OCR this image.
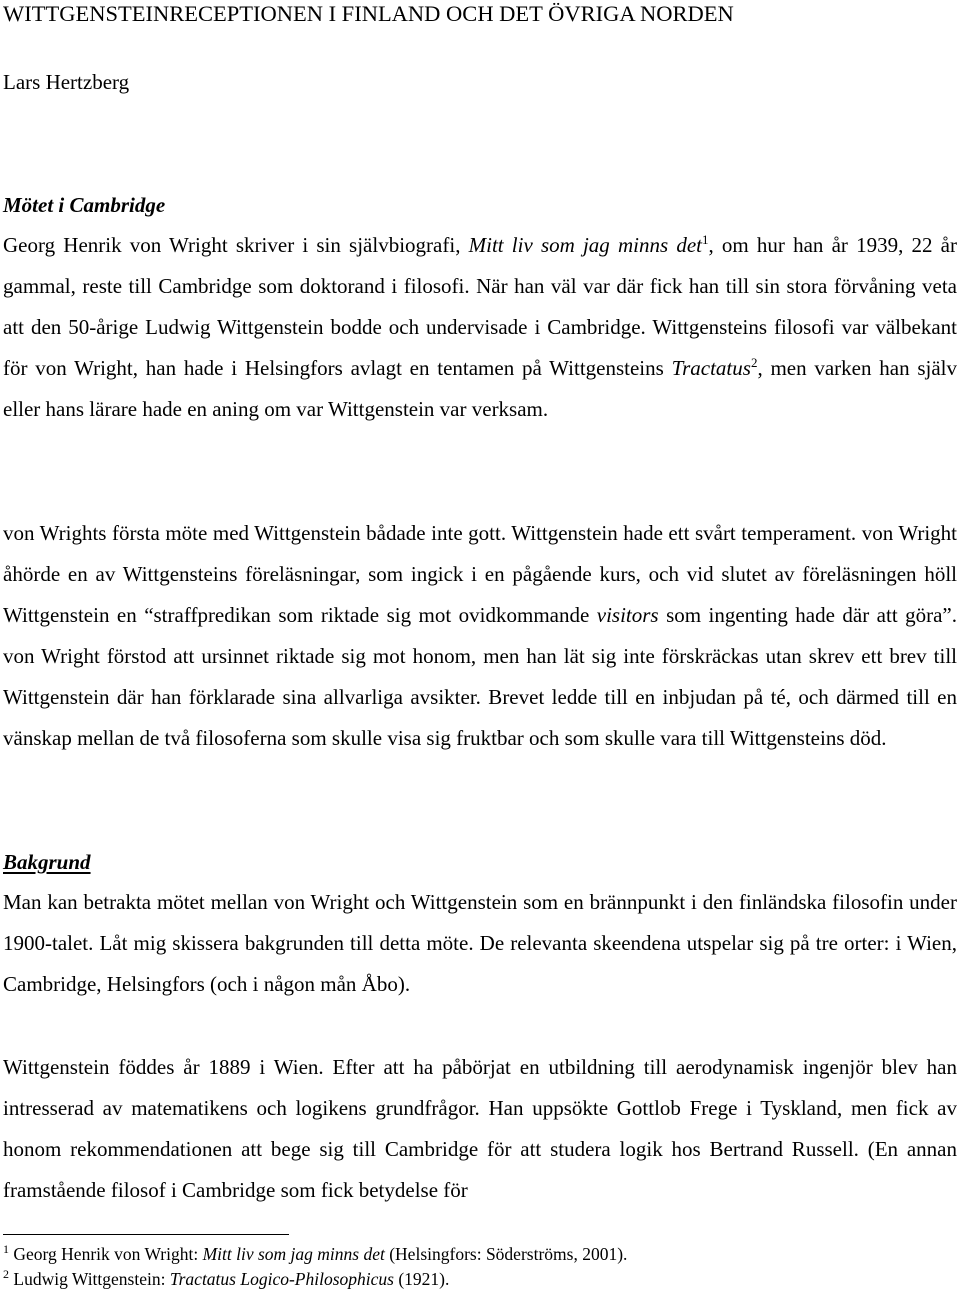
WITTGENSTEINRECEPTIONEN I FINLAND OCH DET ÖVRIGA NORDEN
Lars Hertzberg
Mötet i Cambridge

Georg Henrik von Wright skriver i sin självbiografi, Mitt liv som jag minns $\det^1$, om hur han år 1939, 22 år gammal, reste till Cambridge som doktorand i filosofi. När han väl var där fick han till sin stora förvåning veta att den 50-årige Ludwig Wittgenstein bodde och undervisade i Cambridge. Wittgensteins filosofi var välbekant för von Wright, han hade i Helsingfors avlagt en tentamen på Wittgensteins Tractatus$^2$, men varken han själv eller hans lärare hade en aning om var Wittgenstein var verksam.

von Wrights första möte med Wittgenstein bådade inte gott. Wittgenstein hade ett svårt temperament. von Wright åhörde en av Wittgensteins föreläsningar, som ingick i en pågående kurs, och vid slutet av föreläsningen höll Wittgenstein en “straffpredikan som riktade sig mot ovidkommande visitors som ingenting hade där att göra”. von Wright förstod att ursinnet riktade sig mot honom, men han lät sig inte förskräckas utan skrev ett brev till Wittgenstein där han förklarade sina allvarliga avsikter. Brevet ledde till en inbjudan på té, och därmed till en vänskap mellan de två filosoferna som skulle visa sig fruktbar och som skulle vara till Wittgensteins död.

Bakgrund

Man kan betrakta mötet mellan von Wright och Wittgenstein som en brännpunkt i den finländska filosofin under 1900-talet. Låt mig skissera bakgrunden till detta möte. De relevanta skeendena utspelar sig på tre orter: i Wien, Cambridge, Helsingfors (och i någon mån Åbo).

Wittgenstein föddes år 1889 i Wien. Efter att ha påbörjat en utbildning till aerodynamisk ingenjör blev han intresserad av matematikens och logikens grundfrågor. Han uppsökte Gottlob Frege i Tyskland, men fick av honom rekommendationen att bege sig till Cambridge för att studera logik hos Bertrand Russell. (En annan framstående filosof i Cambridge som fick betydelse för

$^1$ Georg Henrik von Wright: Mitt liv som jag minns det (Helsingfors: Söderströms, 2001).
$^2$ Ludwig Wittgenstein: Tractatus Logico-Philosophicus (1921).
